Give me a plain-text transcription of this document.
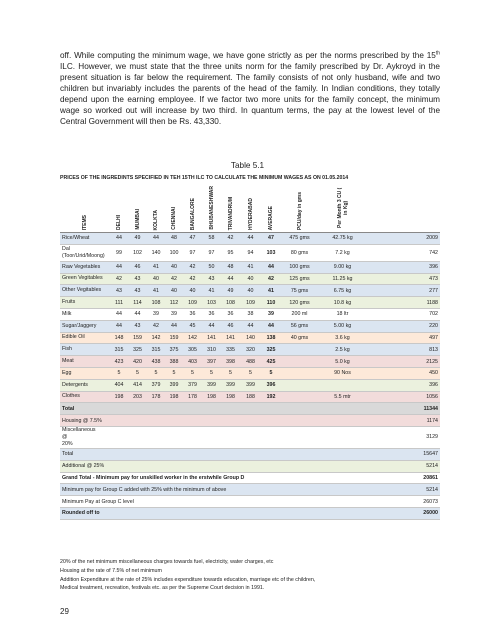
off. While computing the minimum wage, we have gone strictly as per the norms prescribed by the 15th ILC. However, we must state that the three units norm for the family prescribed by Dr. Aykroyd in the present situation is far below the requirement. The family consists of not only husband, wife and two children but invariably includes the parents of the head of the family. In Indian conditions, they totally depend upon the earning employee. If we factor two more units for the family concept, the minimum wage so worked out will increase by two third. In quantum terms, the pay at the lowest level of the Central Government will then be Rs. 43,330.
Table 5.1
PRICES OF THE INGREDINTS SPECIFIED IN TEH 15TH ILC TO CALCULATE THE MINIMUM WAGES AS ON 01.05.2014
ITEMS	DELHI	MUMBAI	KOLKTA	CHENNAI	BANGALORE	BHUBANESHWAR	TRIVANDRUM	HYDERABAD	AVERAGE	PCU/day in gms	Per Month 3 CU ( in Kg)	
Rice/Wheat	44	49	44	48	47	58	42	44	47	475 gms	42.75 kg	2009
Dal (Toor/Urid/Moong)	99	102	140	100	97	97	95	94	103	80 gms	7.2 kg	742
Raw Vegetables	44	46	41	40	42	50	48	41	44	100 gms	9.00 kg	396
Green Vegitables	42	43	40	42	42	43	44	40	42	125 gms	11.25 kg	473
Other Vegitables	43	43	41	40	40	41	49	40	41	75 gms	6.75 kg	277
Fruits	111	114	108	112	109	103	108	109	110	120 gms	10.8 kg	1188
Milk	44	44	39	39	36	36	36	38	39	200 ml	18 ltr	702
Sugar/Jaggery	44	43	42	44	45	44	46	44	44	56 gms	5.00 kg	220
Edible Oil	148	159	142	159	142	141	141	140	138	40 gms	3.6 kg	497
Fish	315	325	315	375	305	310	335	320	325		2.5 kg	813
Meat	423	420	438	388	403	397	398	488	425		5.0 kg	2125
Egg	5	5	5	5	5	5	5	5	5		90 Nos	450
Detergents	404	414	379	399	379	399	399	399	396			396
Clothes	198	203	178	198	178	198	198	188	192		5.5 mtr	1056
Total												11344
Housing @ 7.5%												1174
Miscellaneous @ 20%												3129
Total												15647
Additional @ 25%												5214
Grand Total - Minimum pay for unskilled worker in the erstwhile Group D												20861
Minimum pay for Group C added with 25% with the minimum of above												5214
Minimum Pay at Group C level												26073
Rounded off to												26000
20% of the net minimum miscellaneous charges towards fuel, electricity, water charges, etc
Housing at the rate of 7.5% of net minimum
Addition Expenditure at the rate of 25% includes expenditure towards education, marriage etc of the children,
Medical treatment, recreation, festivals etc. as per the Supreme Court decision in 1991.
29
